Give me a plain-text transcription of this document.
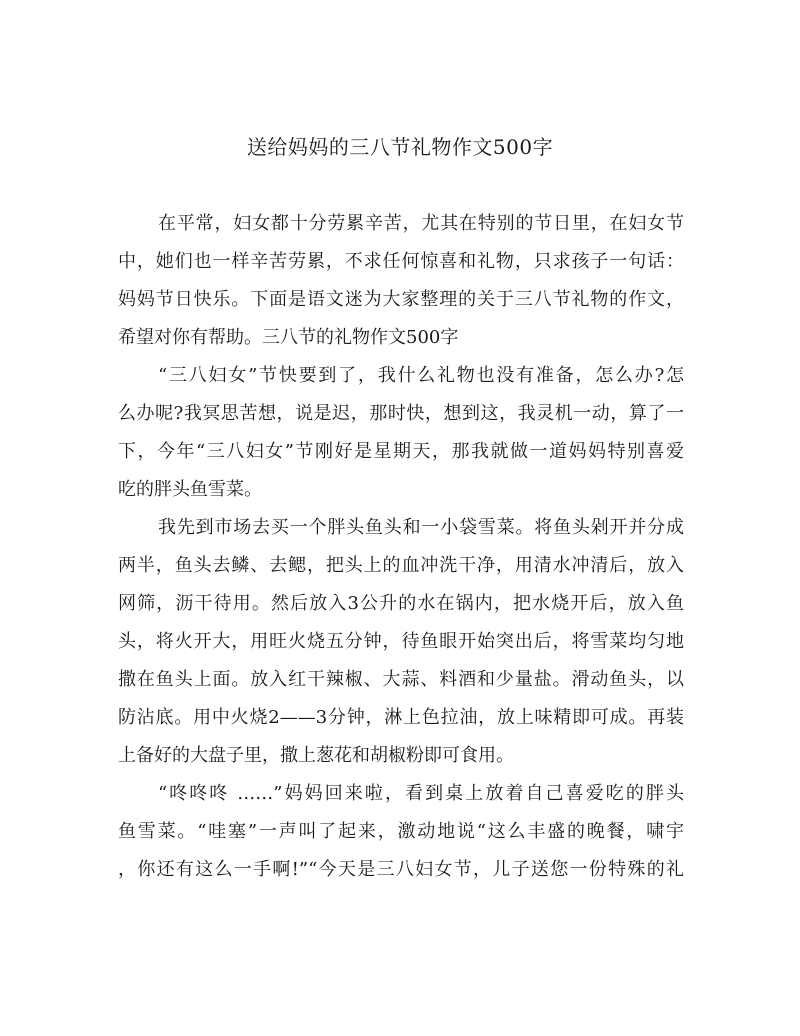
送给妈妈的三八节礼物作文500字
在平常，妇女都十分劳累辛苦，尤其在特别的节日里，在妇女节
中，她们也一样辛苦劳累，不求任何惊喜和礼物，只求孩子一句话：
妈妈节日快乐。下面是语文迷为大家整理的关于三八节礼物的作文，
希望对你有帮助。三八节的礼物作文500字
“三八妇女”节快要到了，我什么礼物也没有准备，怎么办?怎
么办呢?我冥思苦想，说是迟，那时快，想到这，我灵机一动，算了一
下，今年“三八妇女”节刚好是星期天，那我就做一道妈妈特别喜爱
吃的胖头鱼雪菜。
我先到市场去买一个胖头鱼头和一小袋雪菜。将鱼头剁开并分成
两半，鱼头去鳞、去鳃，把头上的血冲洗干净，用清水冲清后，放入
网筛，沥干待用。然后放入3公升的水在锅内，把水烧开后，放入鱼
头，将火开大，用旺火烧五分钟，待鱼眼开始突出后，将雪菜均匀地
撒在鱼头上面。放入红干辣椒、大蒜、料酒和少量盐。滑动鱼头，以
防沾底。用中火烧2——3分钟，淋上色拉油，放上味精即可成。再装
上备好的大盘子里，撒上葱花和胡椒粉即可食用。
“咚咚咚 ……”妈妈回来啦，看到桌上放着自己喜爱吃的胖头
鱼雪菜。“哇塞”一声叫了起来，激动地说“这么丰盛的晚餐，啸宇
，你还有这么一手啊!”“今天是三八妇女节，儿子送您一份特殊的礼
